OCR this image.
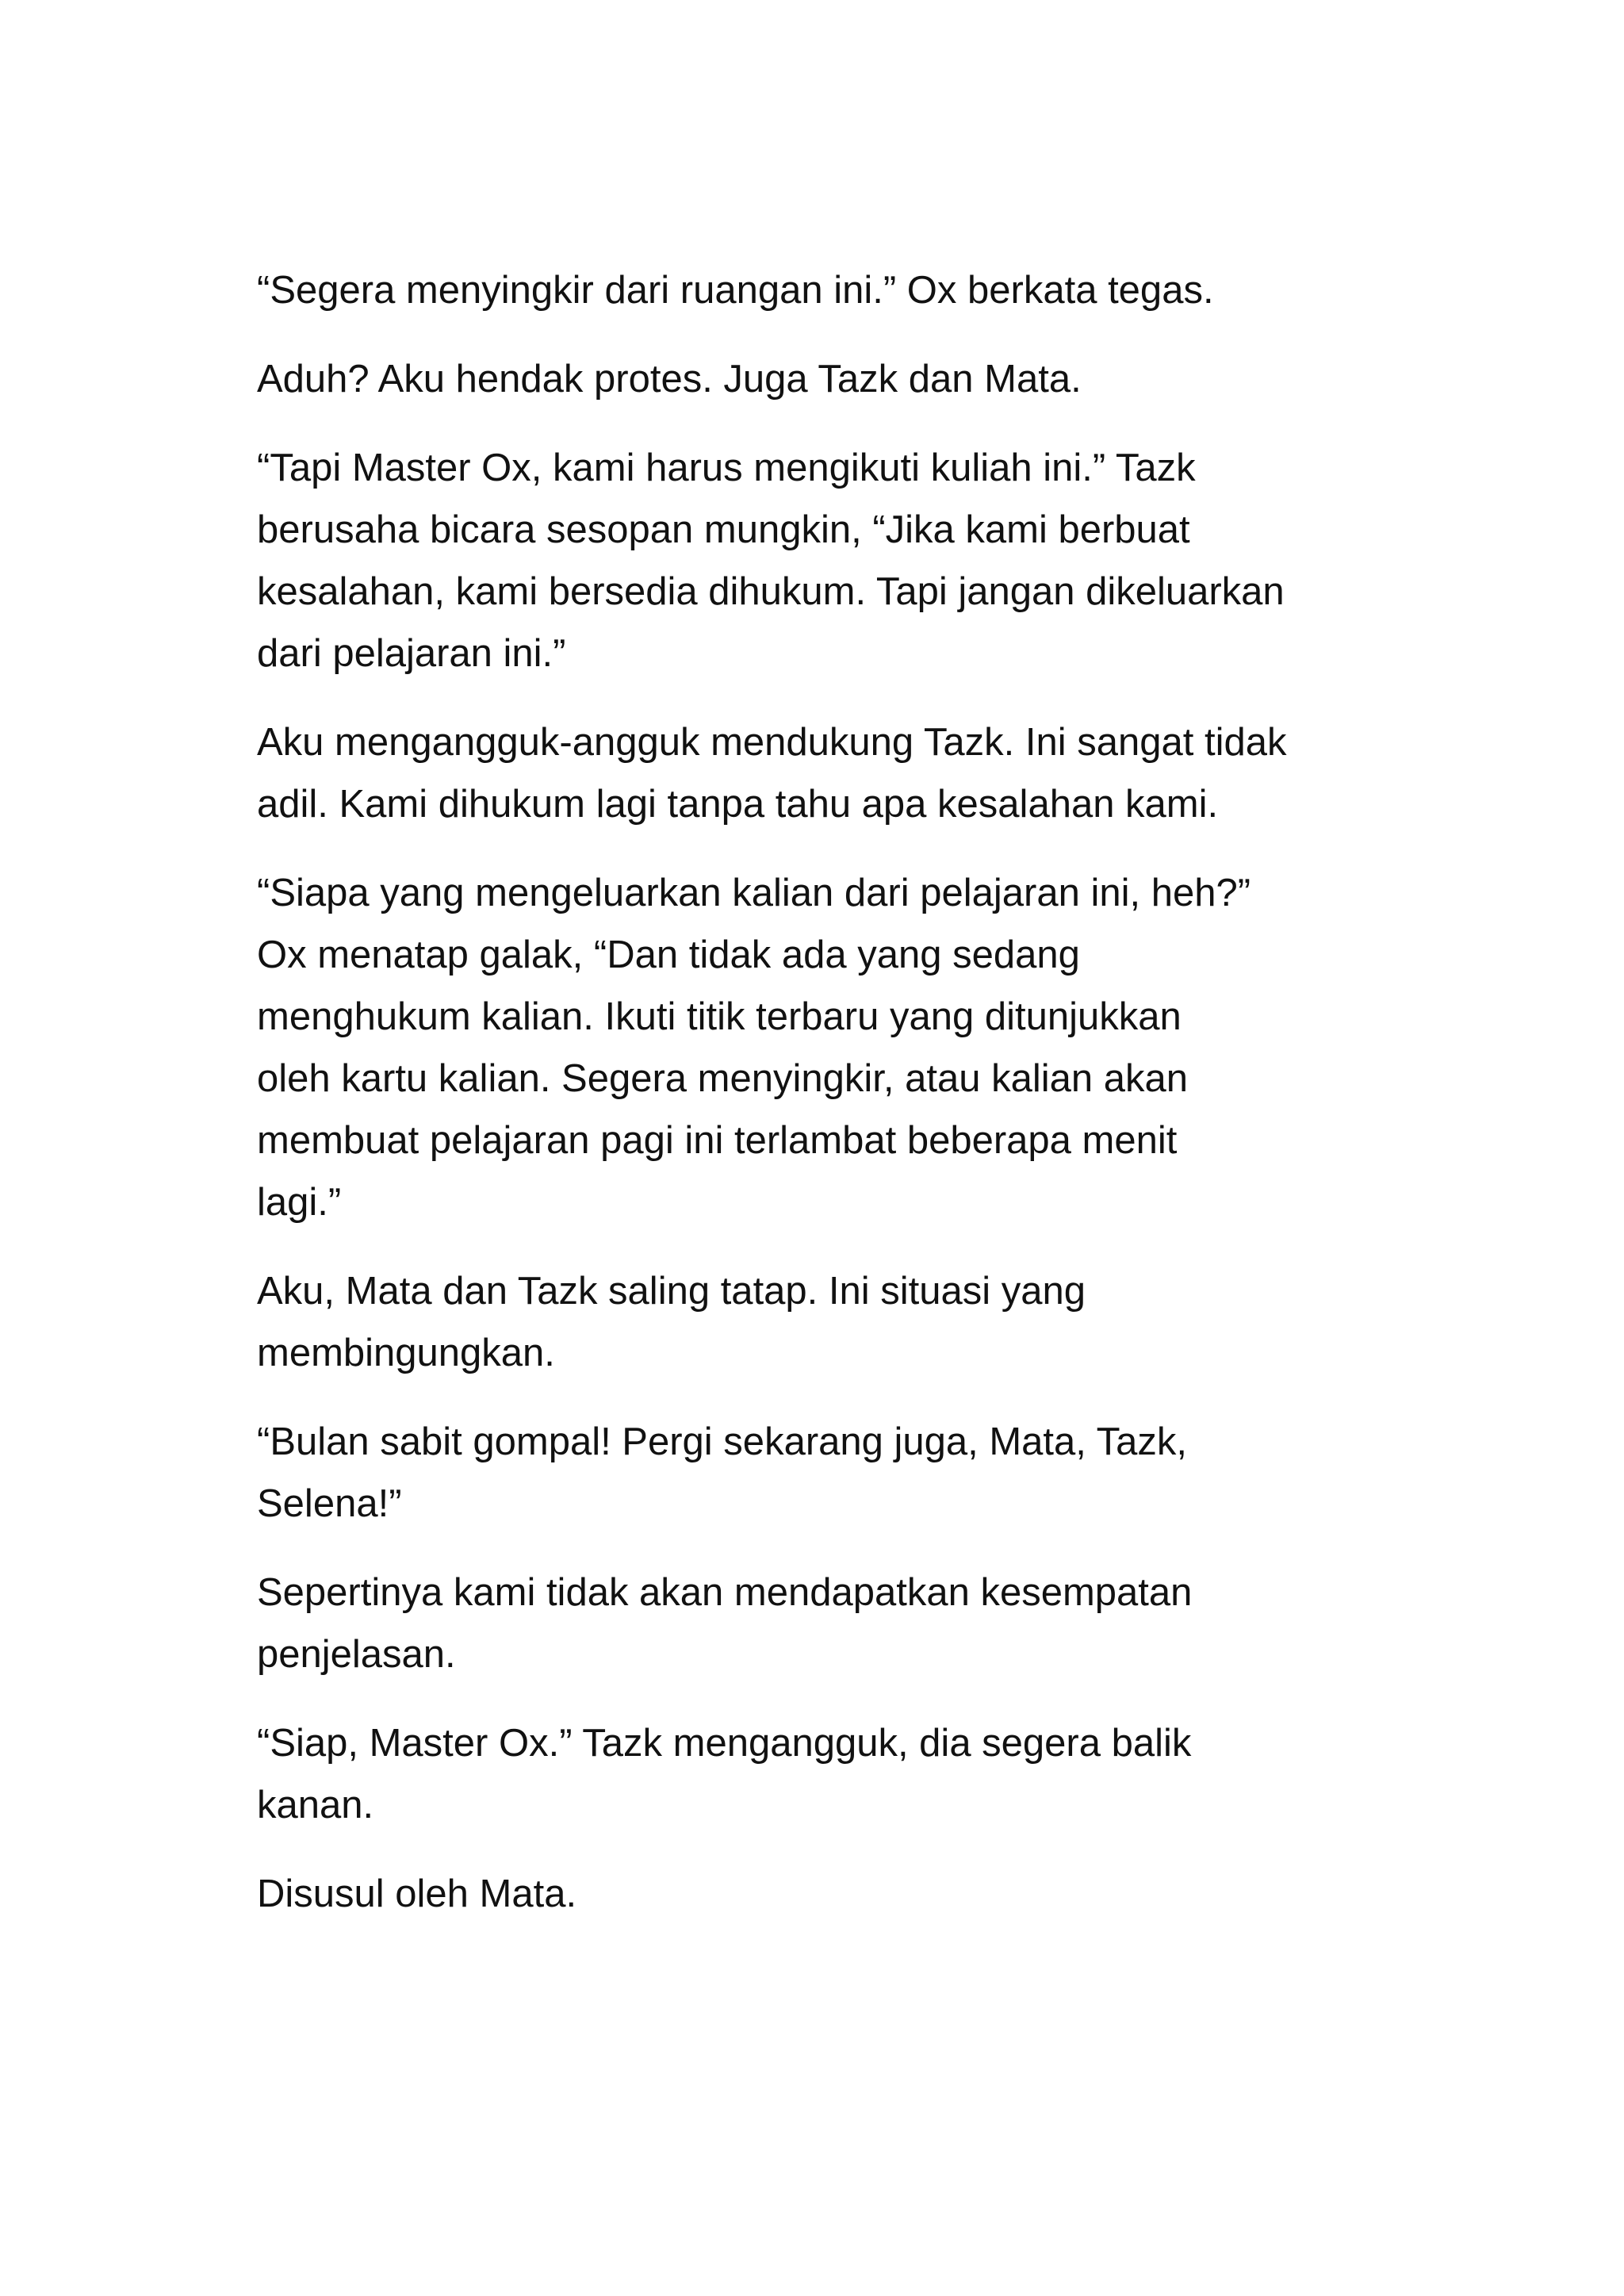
“Segera menyingkir dari ruangan ini.” Ox berkata tegas.

Aduh? Aku hendak protes. Juga Tazk dan Mata.

“Tapi Master Ox, kami harus mengikuti kuliah ini.” Tazk
berusaha bicara sesopan mungkin, “Jika kami berbuat
kesalahan, kami bersedia dihukum. Tapi jangan dikeluarkan
dari pelajaran ini.”

Aku mengangguk-angguk mendukung Tazk. Ini sangat tidak
adil. Kami dihukum lagi tanpa tahu apa kesalahan kami.

“Siapa yang mengeluarkan kalian dari pelajaran ini, heh?”
Ox menatap galak, “Dan tidak ada yang sedang
menghukum kalian. Ikuti titik terbaru yang ditunjukkan
oleh kartu kalian. Segera menyingkir, atau kalian akan
membuat pelajaran pagi ini terlambat beberapa menit
lagi.”

Aku, Mata dan Tazk saling tatap. Ini situasi yang
membingungkan.

“Bulan sabit gompal! Pergi sekarang juga, Mata, Tazk,
Selena!”

Sepertinya kami tidak akan mendapatkan kesempatan
penjelasan.

“Siap, Master Ox.” Tazk mengangguk, dia segera balik
kanan.

Disusul oleh Mata.
